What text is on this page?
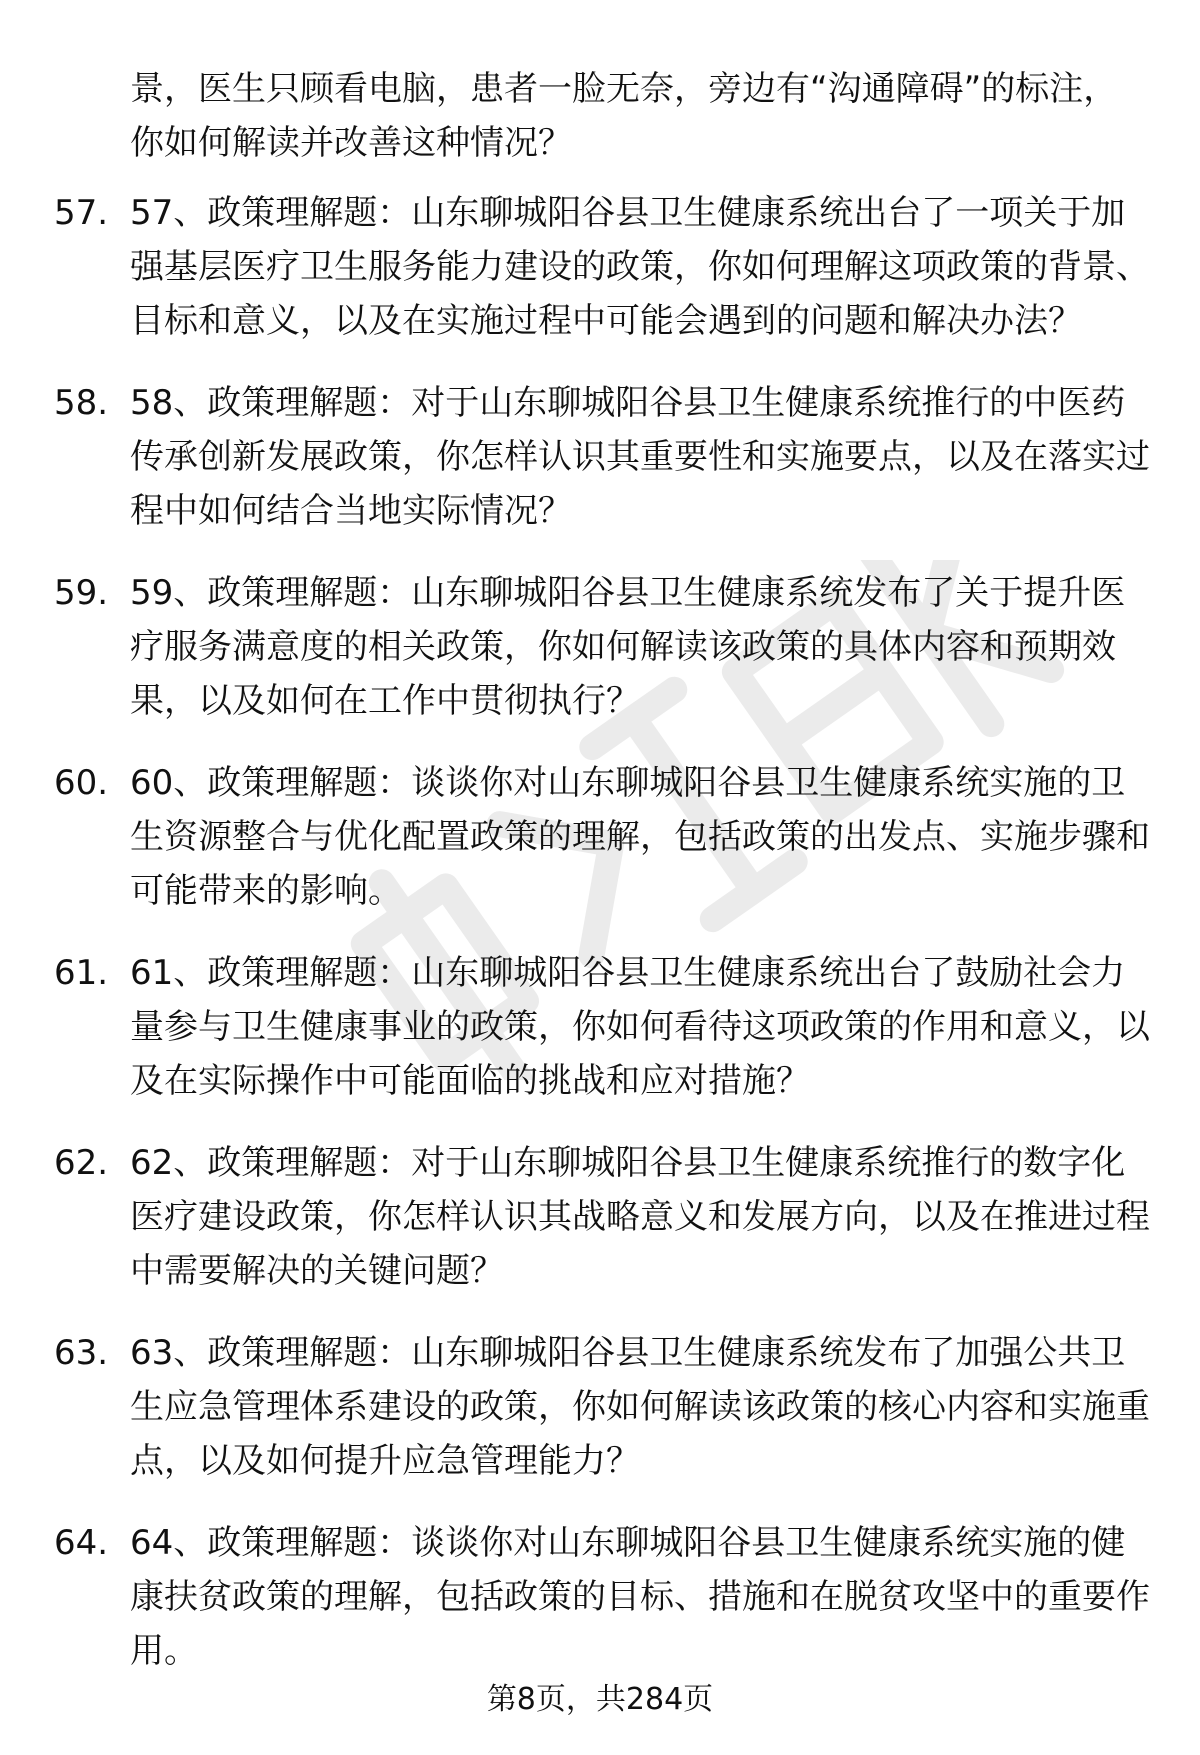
景，医生只顾看电脑，患者一脸无奈，旁边有“沟通障碍”的标注，你如何解读并改善这种情况？

57. 57、政策理解题：山东聊城阳谷县卫生健康系统出台了一项关于加强基层医疗卫生服务能力建设的政策，你如何理解这项政策的背景、目标和意义，以及在实施过程中可能会遇到的问题和解决办法？

58. 58、政策理解题：对于山东聊城阳谷县卫生健康系统推行的中医药传承创新发展政策，你怎样认识其重要性和实施要点，以及在落实过程中如何结合当地实际情况？

59. 59、政策理解题：山东聊城阳谷县卫生健康系统发布了关于提升医疗服务满意度的相关政策，你如何解读该政策的具体内容和预期效果，以及如何在工作中贯彻执行？

60. 60、政策理解题：谈谈你对山东聊城阳谷县卫生健康系统实施的卫生资源整合与优化配置政策的理解，包括政策的出发点、实施步骤和可能带来的影响。

61. 61、政策理解题：山东聊城阳谷县卫生健康系统出台了鼓励社会力量参与卫生健康事业的政策，你如何看待这项政策的作用和意义，以及在实际操作中可能面临的挑战和应对措施？

62. 62、政策理解题：对于山东聊城阳谷县卫生健康系统推行的数字化医疗建设政策，你怎样认识其战略意义和发展方向，以及在推进过程中需要解决的关键问题？

63. 63、政策理解题：山东聊城阳谷县卫生健康系统发布了加强公共卫生应急管理体系建设的政策，你如何解读该政策的核心内容和实施重点，以及如何提升应急管理能力？

64. 64、政策理解题：谈谈你对山东聊城阳谷县卫生健康系统实施的健康扶贫政策的理解，包括政策的目标、措施和在脱贫攻坚中的重要作用。

第8页，共284页
